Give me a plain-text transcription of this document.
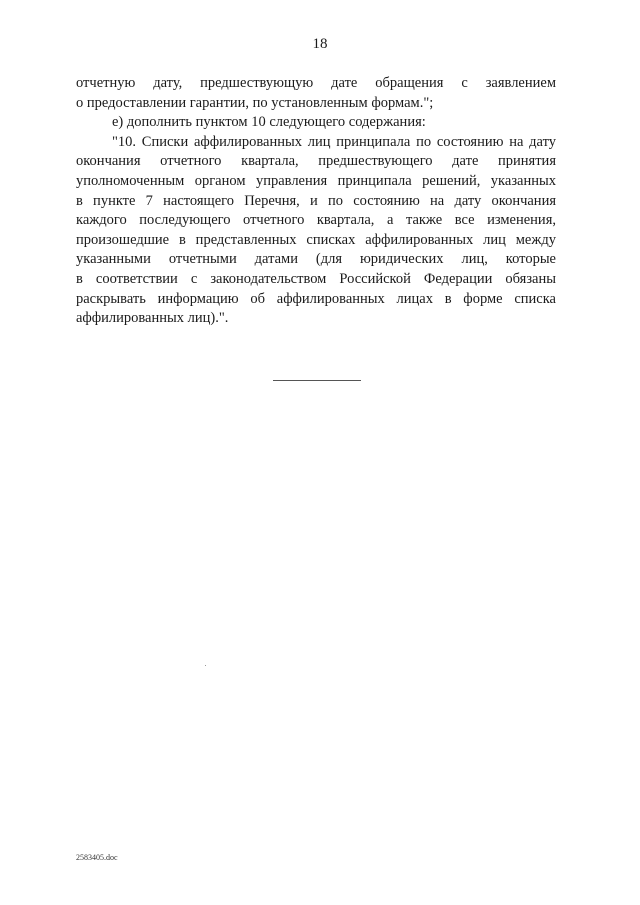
18
отчетную дату, предшествующую дате обращения с заявлением
о предоставлении гарантии, по установленным формам.";
е) дополнить пунктом 10 следующего содержания:
"10. Списки аффилированных лиц принципала по состоянию на дату
окончания отчетного квартала, предшествующего дате принятия
уполномоченным органом управления принципала решений, указанных
в пункте 7 настоящего Перечня, и по состоянию на дату окончания
каждого последующего отчетного квартала, а также все изменения,
произошедшие в представленных списках аффилированных лиц между
указанными отчетными датами (для юридических лиц, которые
в соответствии с законодательством Российской Федерации обязаны
раскрывать информацию об аффилированных лицах в форме списка
аффилированных лиц).".
2583405.doc
